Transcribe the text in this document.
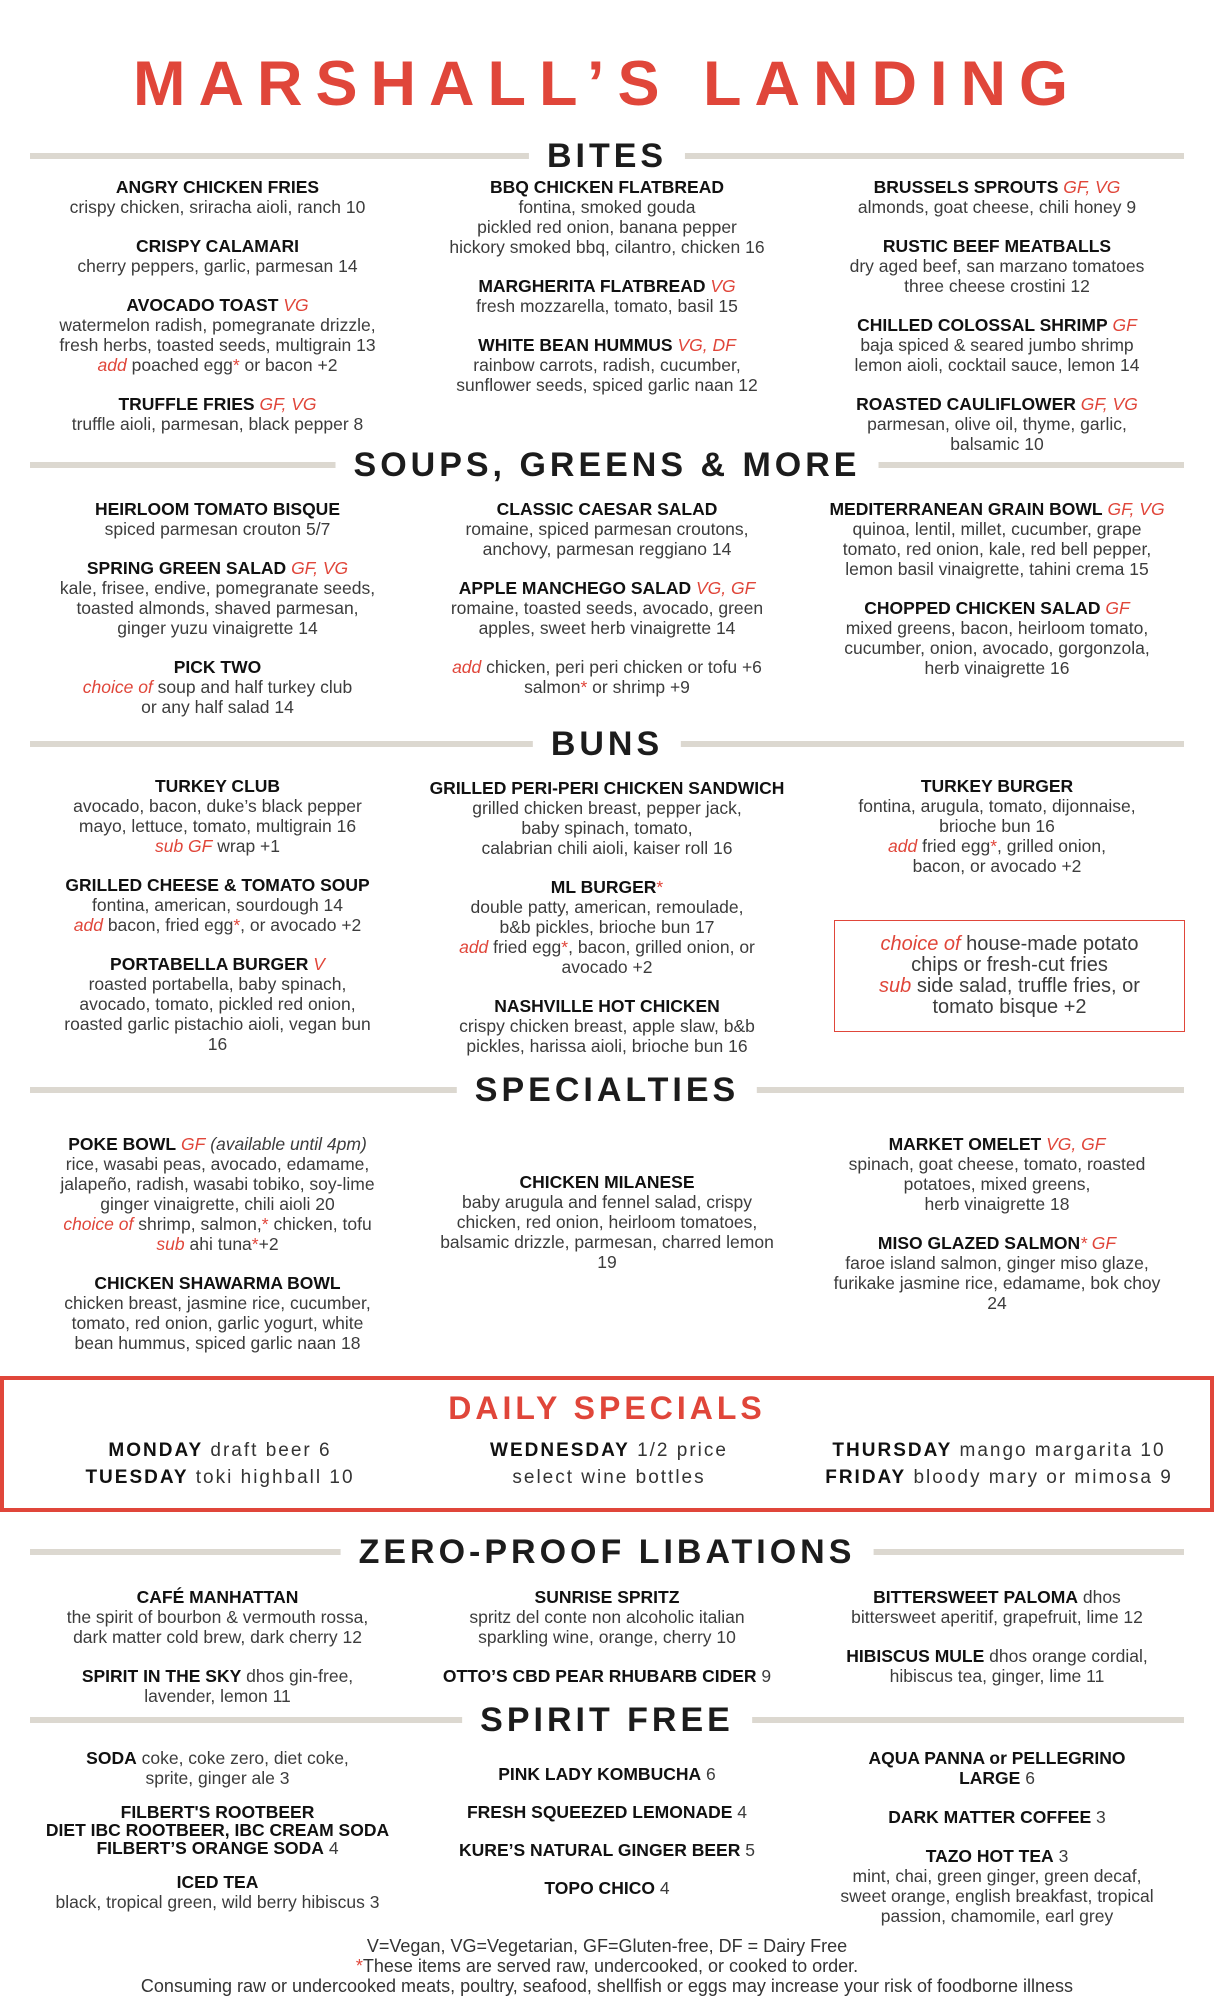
MARSHALL’S LANDING
BITES
ANGRY CHICKEN FRIES
crispy chicken, sriracha aioli, ranch 10
CRISPY CALAMARI
cherry peppers, garlic, parmesan 14
AVOCADO TOAST VG
watermelon radish, pomegranate drizzle,
fresh herbs, toasted seeds, multigrain 13
add poached egg* or bacon +2
TRUFFLE FRIES GF, VG
truffle aioli, parmesan, black pepper 8
BBQ CHICKEN FLATBREAD
fontina, smoked gouda
pickled red onion, banana pepper
hickory smoked bbq, cilantro, chicken 16
MARGHERITA FLATBREAD VG
fresh mozzarella, tomato, basil 15
WHITE BEAN HUMMUS VG, DF
rainbow carrots, radish, cucumber,
sunflower seeds, spiced garlic naan 12
BRUSSELS SPROUTS GF, VG
almonds, goat cheese, chili honey 9
RUSTIC BEEF MEATBALLS
dry aged beef, san marzano tomatoes
three cheese crostini 12
CHILLED COLOSSAL SHRIMP GF
baja spiced & seared jumbo shrimp
lemon aioli, cocktail sauce, lemon 14
ROASTED CAULIFLOWER GF, VG
parmesan, olive oil, thyme, garlic,
balsamic 10
SOUPS, GREENS & MORE
HEIRLOOM TOMATO BISQUE
spiced parmesan crouton 5/7
SPRING GREEN SALAD GF, VG
kale, frisee, endive, pomegranate seeds,
toasted almonds, shaved parmesan,
ginger yuzu vinaigrette 14
PICK TWO
choice of soup and half turkey club
or any half salad 14
CLASSIC CAESAR SALAD
romaine, spiced parmesan croutons,
anchovy, parmesan reggiano 14
APPLE MANCHEGO SALAD VG, GF
romaine, toasted seeds, avocado, green
apples, sweet herb vinaigrette 14
add chicken, peri peri chicken or tofu +6
salmon* or shrimp +9
MEDITERRANEAN GRAIN BOWL GF, VG
quinoa, lentil, millet, cucumber, grape
tomato, red onion, kale, red bell pepper,
lemon basil vinaigrette, tahini crema 15
CHOPPED CHICKEN SALAD GF
mixed greens, bacon, heirloom tomato,
cucumber, onion, avocado, gorgonzola,
herb vinaigrette 16
BUNS
TURKEY CLUB
avocado, bacon, duke’s black pepper
mayo, lettuce, tomato, multigrain 16
sub GF wrap +1
GRILLED CHEESE & TOMATO SOUP
fontina, american, sourdough 14
add bacon, fried egg*, or avocado +2
PORTABELLA BURGER V
roasted portabella, baby spinach,
avocado, tomato, pickled red onion,
roasted garlic pistachio aioli, vegan bun
16
GRILLED PERI-PERI CHICKEN SANDWICH
grilled chicken breast, pepper jack,
baby spinach, tomato,
calabrian chili aioli, kaiser roll 16
ML BURGER*
double patty, american, remoulade,
b&b pickles, brioche bun 17
add fried egg*, bacon, grilled onion, or
avocado +2
NASHVILLE HOT CHICKEN
crispy chicken breast, apple slaw, b&b
pickles, harissa aioli, brioche bun 16
TURKEY BURGER
fontina, arugula, tomato, dijonnaise,
brioche bun 16
add fried egg*, grilled onion,
bacon, or avocado +2
choice of house-made potato
chips or fresh-cut fries
sub side salad, truffle fries, or
tomato bisque +2
SPECIALTIES
POKE BOWL GF (available until 4pm)
rice, wasabi peas, avocado, edamame,
jalapeño, radish, wasabi tobiko, soy-lime
ginger vinaigrette, chili aioli 20
choice of shrimp, salmon,* chicken, tofu
sub ahi tuna*+2
CHICKEN SHAWARMA BOWL
chicken breast, jasmine rice, cucumber,
tomato, red onion, garlic yogurt, white
bean hummus, spiced garlic naan 18
CHICKEN MILANESE
baby arugula and fennel salad, crispy
chicken, red onion, heirloom tomatoes,
balsamic drizzle, parmesan, charred lemon
19
MARKET OMELET VG, GF
spinach, goat cheese, tomato, roasted
potatoes, mixed greens,
herb vinaigrette 18
MISO GLAZED SALMON* GF
faroe island salmon, ginger miso glaze,
furikake jasmine rice, edamame, bok choy
24
DAILY SPECIALS
MONDAY draft beer 6
TUESDAY toki highball 10
WEDNESDAY 1/2 price
select wine bottles
THURSDAY mango margarita 10
FRIDAY bloody mary or mimosa 9
ZERO-PROOF LIBATIONS
CAFÉ MANHATTAN
the spirit of bourbon & vermouth rossa,
dark matter cold brew, dark cherry 12
SPIRIT IN THE SKY dhos gin-free,
lavender, lemon 11
SUNRISE SPRITZ
spritz del conte non alcoholic italian
sparkling wine, orange, cherry 10
OTTO’S CBD PEAR RHUBARB CIDER 9
BITTERSWEET PALOMA dhos
bittersweet aperitif, grapefruit, lime 12
HIBISCUS MULE dhos orange cordial,
hibiscus tea, ginger, lime 11
SPIRIT FREE
SODA coke, coke zero, diet coke,
sprite, ginger ale 3
FILBERT'S ROOTBEER
DIET IBC ROOTBEER, IBC CREAM SODA
FILBERT’S ORANGE SODA 4
ICED TEA
black, tropical green, wild berry hibiscus 3
PINK LADY KOMBUCHA 6
FRESH SQUEEZED LEMONADE 4
KURE’S NATURAL GINGER BEER 5
TOPO CHICO 4
AQUA PANNA or PELLEGRINO
LARGE 6
DARK MATTER COFFEE 3
TAZO HOT TEA 3
mint, chai, green ginger, green decaf,
sweet orange, english breakfast, tropical
passion, chamomile, earl grey
V=Vegan, VG=Vegetarian, GF=Gluten-free, DF = Dairy Free
*These items are served raw, undercooked, or cooked to order.
Consuming raw or undercooked meats, poultry, seafood, shellfish or eggs may increase your risk of foodborne illness
